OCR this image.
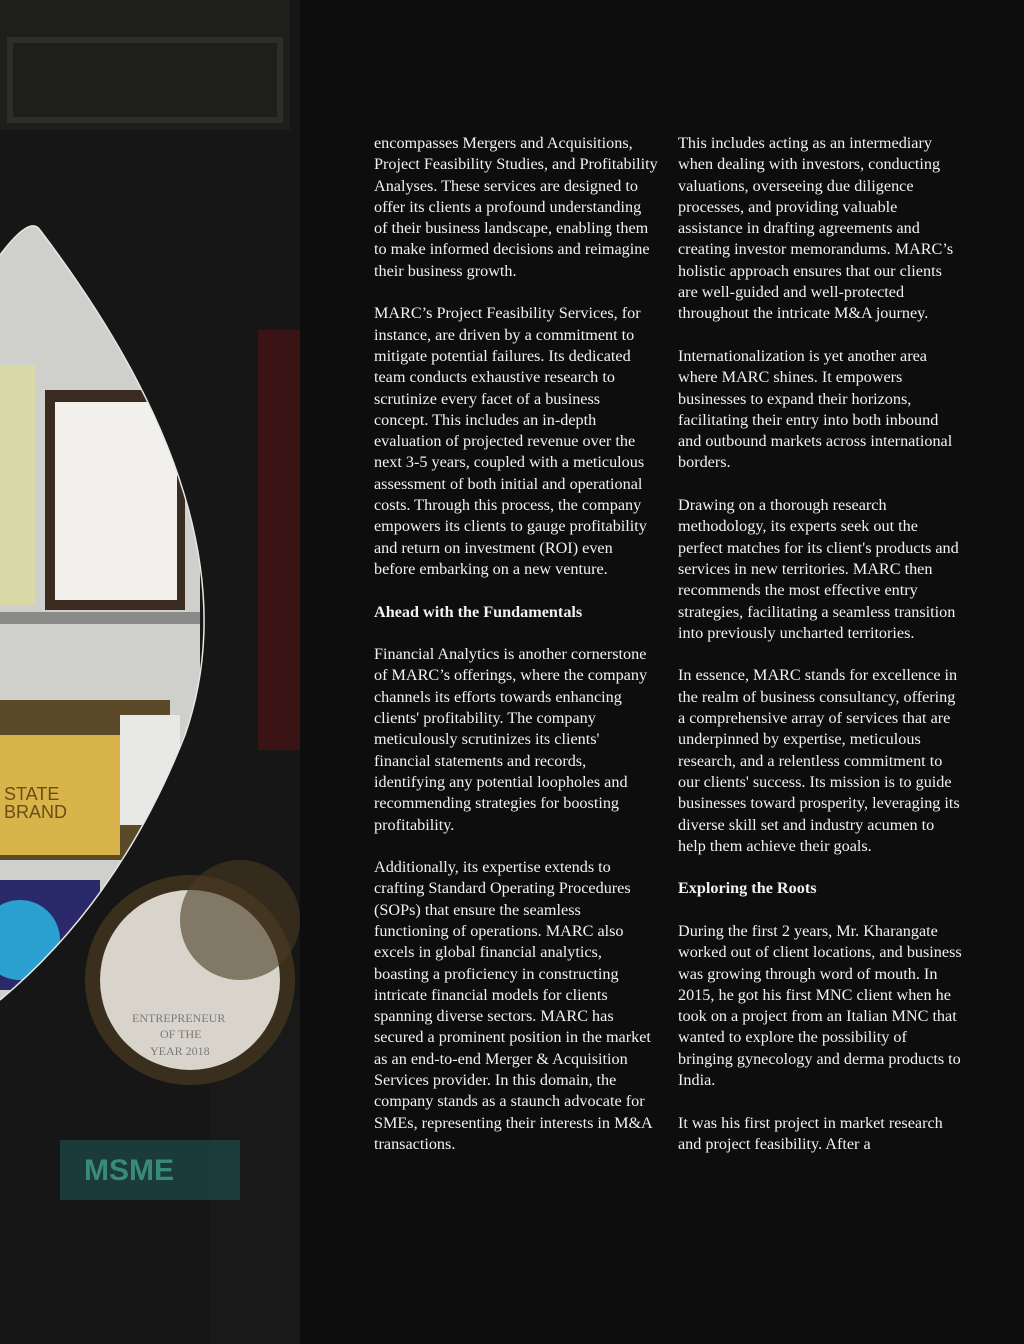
STATE
BRAND
ENTREPRENEUR
OF THE
YEAR 2018
MSME

encompasses Mergers and Acquisitions, Project Feasibility Studies, and Profitability Analyses. These services are designed to offer its clients a profound understanding of their business landscape, enabling them to make informed decisions and reimagine their business growth.

MARC’s Project Feasibility Services, for instance, are driven by a commitment to mitigate potential failures. Its dedicated team conducts exhaustive research to scrutinize every facet of a business concept. This includes an in-depth evaluation of projected revenue over the next 3-5 years, coupled with a meticulous assessment of both initial and operational costs. Through this process, the company empowers its clients to gauge profitability and return on investment (ROI) even before embarking on a new venture.

Ahead with the Fundamentals

Financial Analytics is another cornerstone of MARC’s offerings, where the company channels its efforts towards enhancing clients' profitability. The company meticulously scrutinizes its clients' financial statements and records, identifying any potential loopholes and recommending strategies for boosting profitability.

Additionally, its expertise extends to crafting Standard Operating Procedures (SOPs) that ensure the seamless functioning of operations. MARC also excels in global financial analytics, boasting a proficiency in constructing intricate financial models for clients spanning diverse sectors. MARC has secured a prominent position in the market as an end-to-end Merger & Acquisition Services provider. In this domain, the company stands as a staunch advocate for SMEs, representing their interests in M&A transactions.

This includes acting as an intermediary when dealing with investors, conducting valuations, overseeing due diligence processes, and providing valuable assistance in drafting agreements and creating investor memorandums. MARC’s holistic approach ensures that our clients are well-guided and well-protected throughout the intricate M&A journey.

Internationalization is yet another area where MARC shines. It empowers businesses to expand their horizons, facilitating their entry into both inbound and outbound markets across international borders.

Drawing on a thorough research methodology, its experts seek out the perfect matches for its client's products and services in new territories. MARC then recommends the most effective entry strategies, facilitating a seamless transition into previously uncharted territories.

In essence, MARC stands for excellence in the realm of business consultancy, offering a comprehensive array of services that are underpinned by expertise, meticulous research, and a relentless commitment to our clients' success. Its mission is to guide businesses toward prosperity, leveraging its diverse skill set and industry acumen to help them achieve their goals.

Exploring the Roots

During the first 2 years, Mr. Kharangate worked out of client locations, and business was growing through word of mouth. In 2015, he got his first MNC client when he took on a project from an Italian MNC that wanted to explore the possibility of bringing gynecology and derma products to India.

It was his first project in market research and project feasibility. After a
